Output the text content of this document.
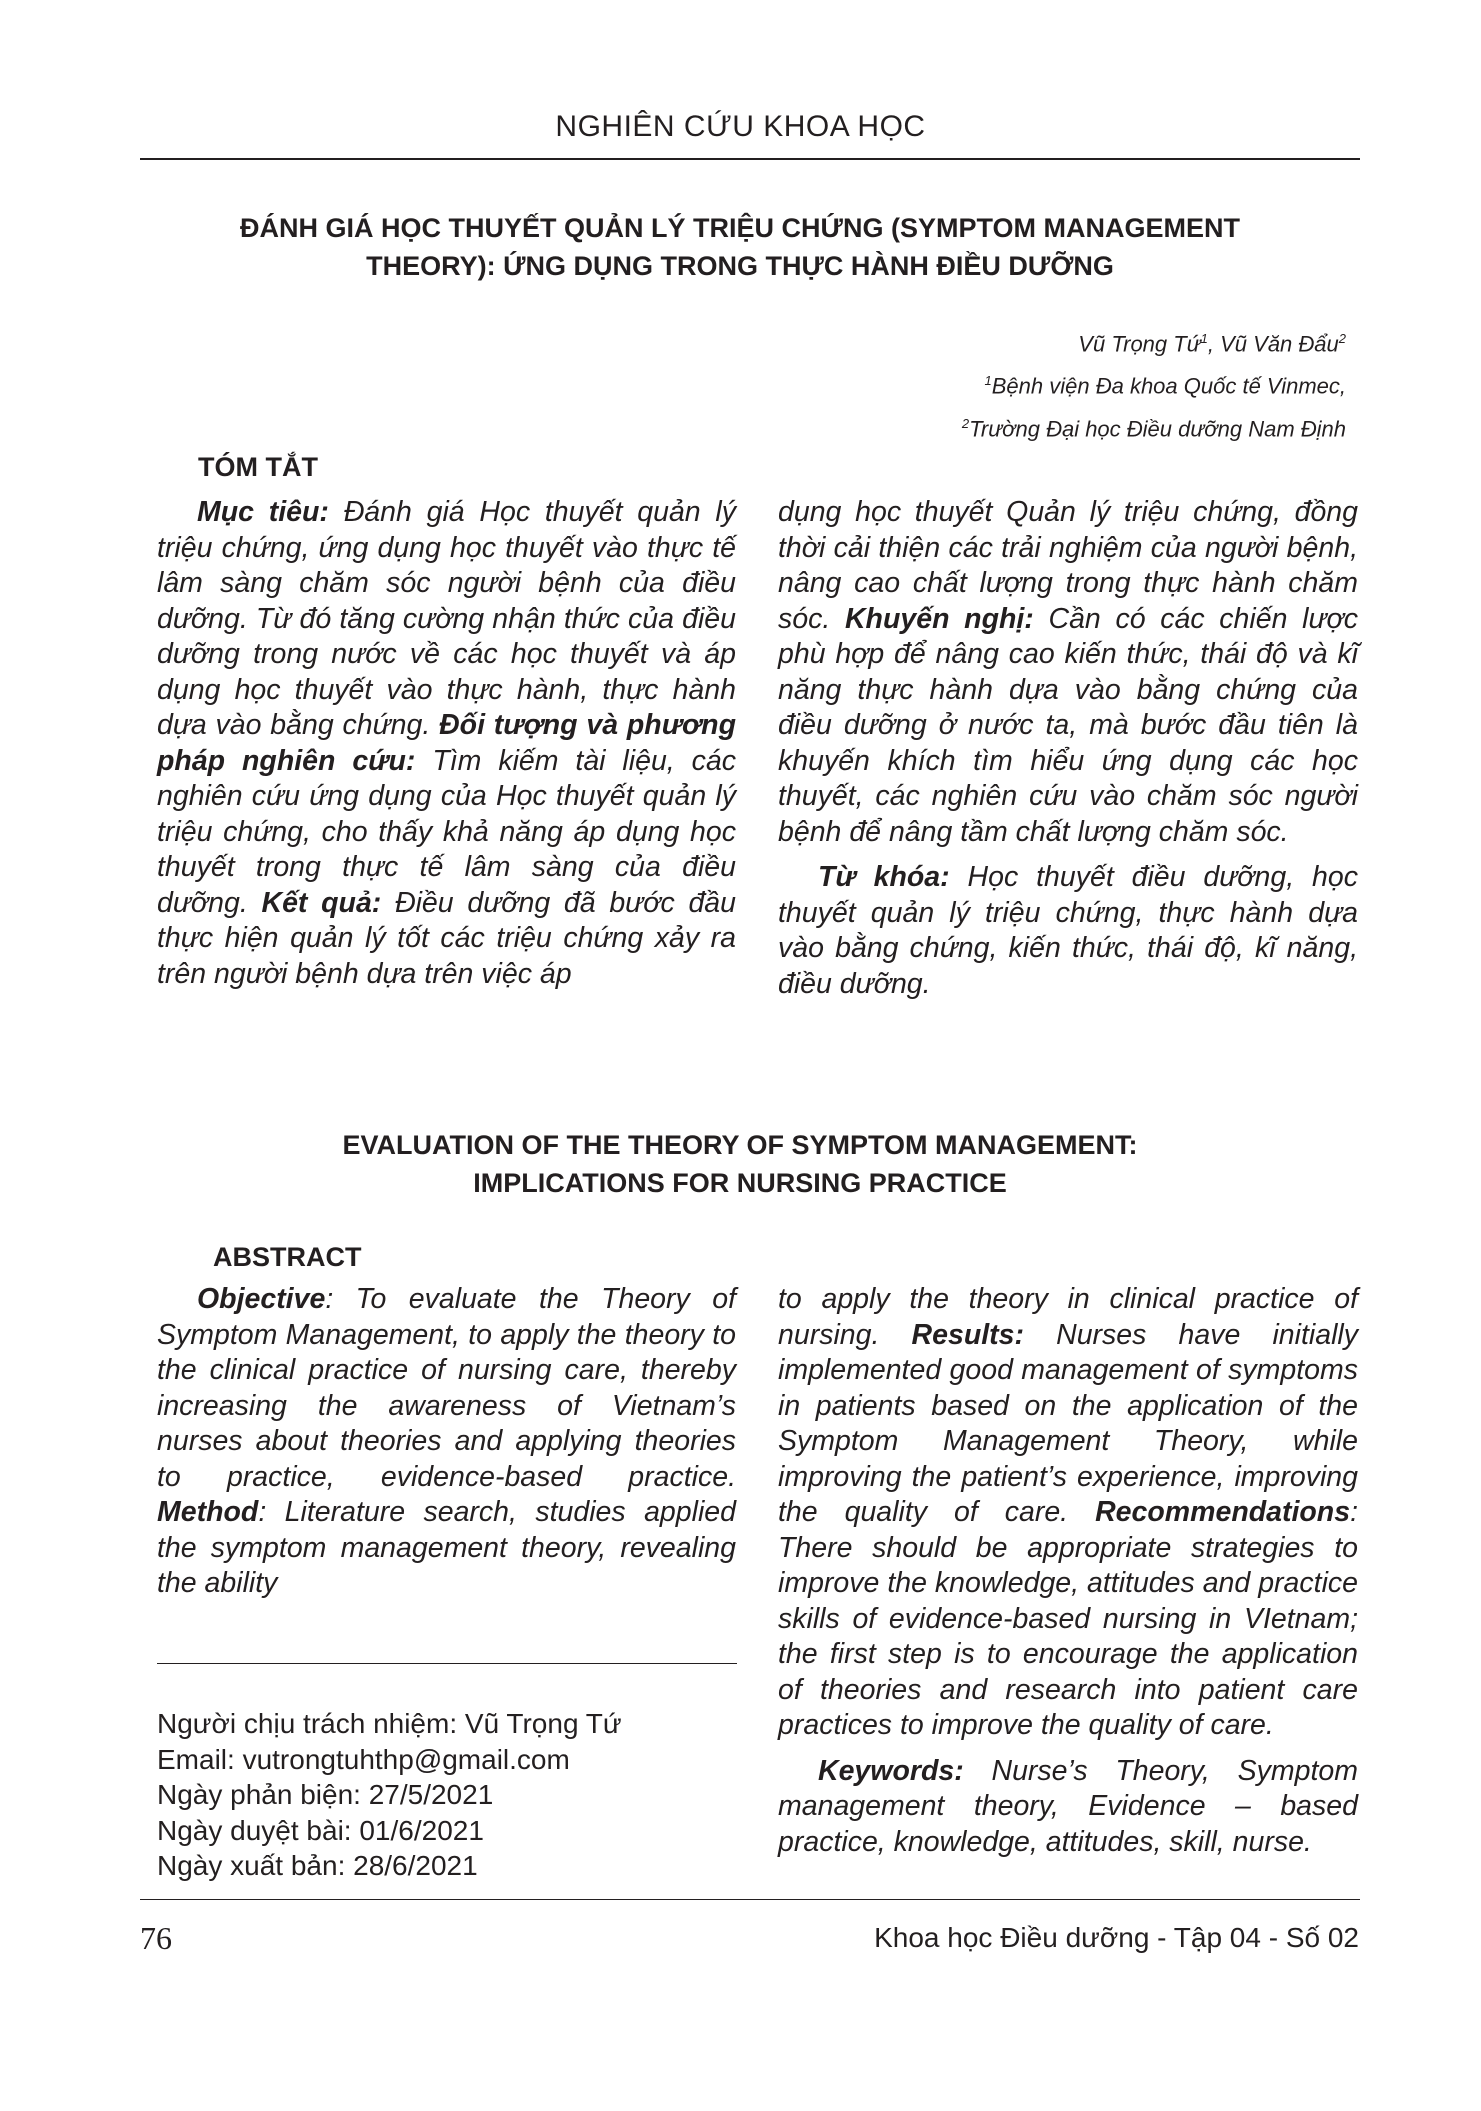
NGHIÊN CỨU KHOA HỌC
ĐÁNH GIÁ HỌC THUYẾT QUẢN LÝ TRIỆU CHỨNG (SYMPTOM MANAGEMENT
THEORY): ỨNG DỤNG TRONG THỰC HÀNH ĐIỀU DƯỠNG
Vũ Trọng Tứ$^1$, Vũ Văn Đẩu$^2$
$^1$Bệnh viện Đa khoa Quốc tế Vinmec,
$^2$Trường Đại học Điều dưỡng Nam Định
TÓM TẮT

Mục tiêu: Đánh giá Học thuyết quản lý triệu chứng, ứng dụng học thuyết vào thực tế lâm sàng chăm sóc người bệnh của điều dưỡng. Từ đó tăng cường nhận thức của điều dưỡng trong nước về các học thuyết và áp dụng học thuyết vào thực hành, thực hành dựa vào bằng chứng. Đối tượng và phương pháp nghiên cứu: Tìm kiếm tài liệu, các nghiên cứu ứng dụng của Học thuyết quản lý triệu chứng, cho thấy khả năng áp dụng học thuyết trong thực tế lâm sàng của điều dưỡng. Kết quả: Điều dưỡng đã bước đầu thực hiện quản lý tốt các triệu chứng xảy ra trên người bệnh dựa trên việc áp

dụng học thuyết Quản lý triệu chứng, đồng thời cải thiện các trải nghiệm của người bệnh, nâng cao chất lượng trong thực hành chăm sóc. Khuyến nghị: Cần có các chiến lược phù hợp để nâng cao kiến thức, thái độ và kĩ năng thực hành dựa vào bằng chứng của điều dưỡng ở nước ta, mà bước đầu tiên là khuyến khích tìm hiểu ứng dụng các học thuyết, các nghiên cứu vào chăm sóc người bệnh để nâng tầm chất lượng chăm sóc.

Từ khóa: Học thuyết điều dưỡng, học thuyết quản lý triệu chứng, thực hành dựa vào bằng chứng, kiến thức, thái độ, kĩ năng, điều dưỡng.

EVALUATION OF THE THEORY OF SYMPTOM MANAGEMENT:
IMPLICATIONS FOR NURSING PRACTICE
ABSTRACT

Objective: To evaluate the Theory of Symptom Management, to apply the theory to the clinical practice of nursing care, thereby increasing the awareness of Vietnam’s nurses about theories and applying theories to practice, evidence-based practice. Method: Literature search, studies applied the symptom management theory, revealing the ability

to apply the theory in clinical practice of nursing. Results: Nurses have initially implemented good management of symptoms in patients based on the application of the Symptom Management Theory, while improving the patient’s experience, improving the quality of care. Recommendations: There should be appropriate strategies to improve the knowledge, attitudes and practice skills of evidence-based nursing in VIetnam; the first step is to encourage the application of theories and research into patient care practices to improve the quality of care.

Keywords: Nurse’s Theory, Symptom management theory, Evidence – based practice, knowledge, attitudes, skill, nurse.

Người chịu trách nhiệm: Vũ Trọng Tứ
Email: vutrongtuhthp@gmail.com
Ngày phản biện: 27/5/2021
Ngày duyệt bài: 01/6/2021
Ngày xuất bản: 28/6/2021
76	Khoa học Điều dưỡng - Tập 04 - Số 02
